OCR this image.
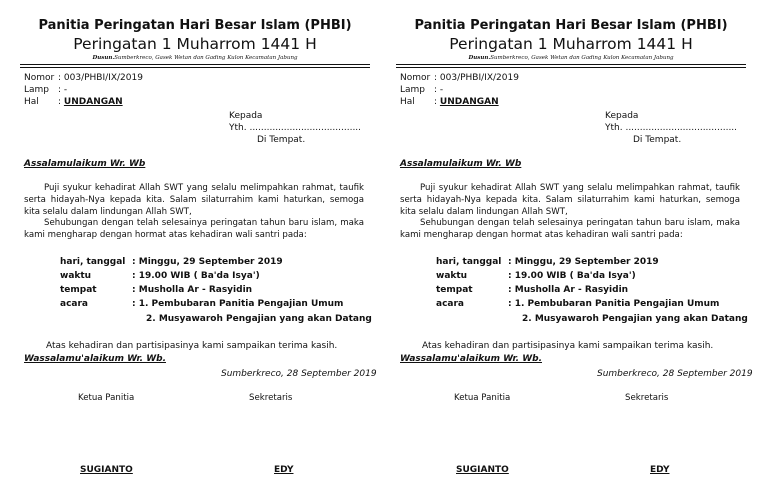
Panitia Peringatan Hari Besar Islam (PHBI)
Peringatan 1 Muharrom 1441 H
Dusun.Sumberkreco, Gasek Wetan dan Gading Kulon Kecamatan Jabung
Nomor : 003/PHBI/IX/2019
Lamp : -
Hal : UNDANGAN
Kepada
Yth. .......................................
Di Tempat.
Assalamulaikum Wr. Wb

Puji syukur kehadirat Allah SWT yang selalu melimpahkan rahmat, taufik serta hidayah-Nya kepada kita. Salam silaturrahim kami haturkan, semoga kita selalu dalam lindungan Allah SWT,

Sehubungan dengan telah selesainya peringatan tahun baru islam, maka kami mengharap dengan hormat atas kehadiran wali santri pada:

hari, tanggal : Minggu, 29 September 2019
waktu	: 19.00 WIB ( Ba'da Isya')
tempat	: Musholla Ar - Rasyidin
acara	: 1. Pembubaran Panitia Pengajian Umum
2. Musyawaroh Pengajian yang akan Datang
Atas kehadiran dan partisipasinya kami sampaikan terima kasih.
Wassalamu'alaikum Wr. Wb.
Sumberkreco, 28 September 2019
Ketua Panitia	Sekretaris
SUGIANTO	EDY
Panitia Peringatan Hari Besar Islam (PHBI)
Peringatan 1 Muharrom 1441 H
Dusun.Sumberkreco, Gasek Wetan dan Gading Kulon Kecamatan Jabung
Nomor : 003/PHBI/IX/2019
Lamp : -
Hal : UNDANGAN
Kepada
Yth. .......................................
Di Tempat.
Assalamulaikum Wr. Wb

Puji syukur kehadirat Allah SWT yang selalu melimpahkan rahmat, taufik serta hidayah-Nya kepada kita. Salam silaturrahim kami haturkan, semoga kita selalu dalam lindungan Allah SWT,

Sehubungan dengan telah selesainya peringatan tahun baru islam, maka kami mengharap dengan hormat atas kehadiran wali santri pada:

hari, tanggal : Minggu, 29 September 2019
waktu	: 19.00 WIB ( Ba'da Isya')
tempat	: Musholla Ar - Rasyidin
acara	: 1. Pembubaran Panitia Pengajian Umum
2. Musyawaroh Pengajian yang akan Datang
Atas kehadiran dan partisipasinya kami sampaikan terima kasih.
Wassalamu'alaikum Wr. Wb.
Sumberkreco, 28 September 2019
Ketua Panitia	Sekretaris
SUGIANTO	EDY
